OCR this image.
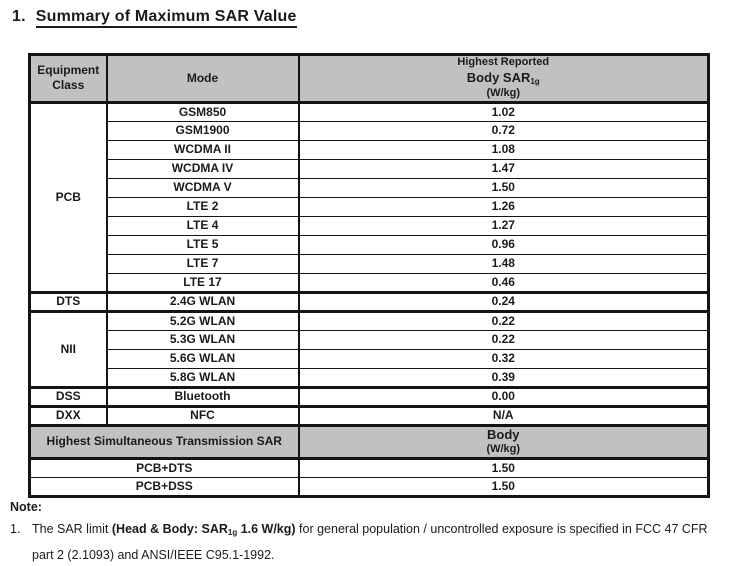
1. Summary of Maximum SAR Value
Equipment Class	Mode	Highest Reported
Body $SAR_{1g}$
(W/kg)

PCB	GSM850	1.02
	GSM1900	0.72
	WCDMA II	1.08
	WCDMA IV	1.47
	WCDMA V	1.50
	LTE 2	1.26
	LTE 4	1.27
	LTE 5	0.96
	LTE 7	1.48
	LTE 17	0.46
DTS	2.4G WLAN	0.24
NII	5.2G WLAN	0.22
	5.3G WLAN	0.22
	5.6G WLAN	0.32
	5.8G WLAN	0.39
DSS	Bluetooth	0.00
DXX	NFC	N/A
Highest Simultaneous Transmission SAR		Body
(W/kg)

PCB+DTS		1.50
PCB+DSS		1.50
Note:
1. The SAR limit (Head & Body: $SAR_{1g}$ 1.6 W/kg) for general population / uncontrolled exposure is specified in FCC 47 CFR part 2 (2.1093) and ANSI/IEEE C95.1-1992.
